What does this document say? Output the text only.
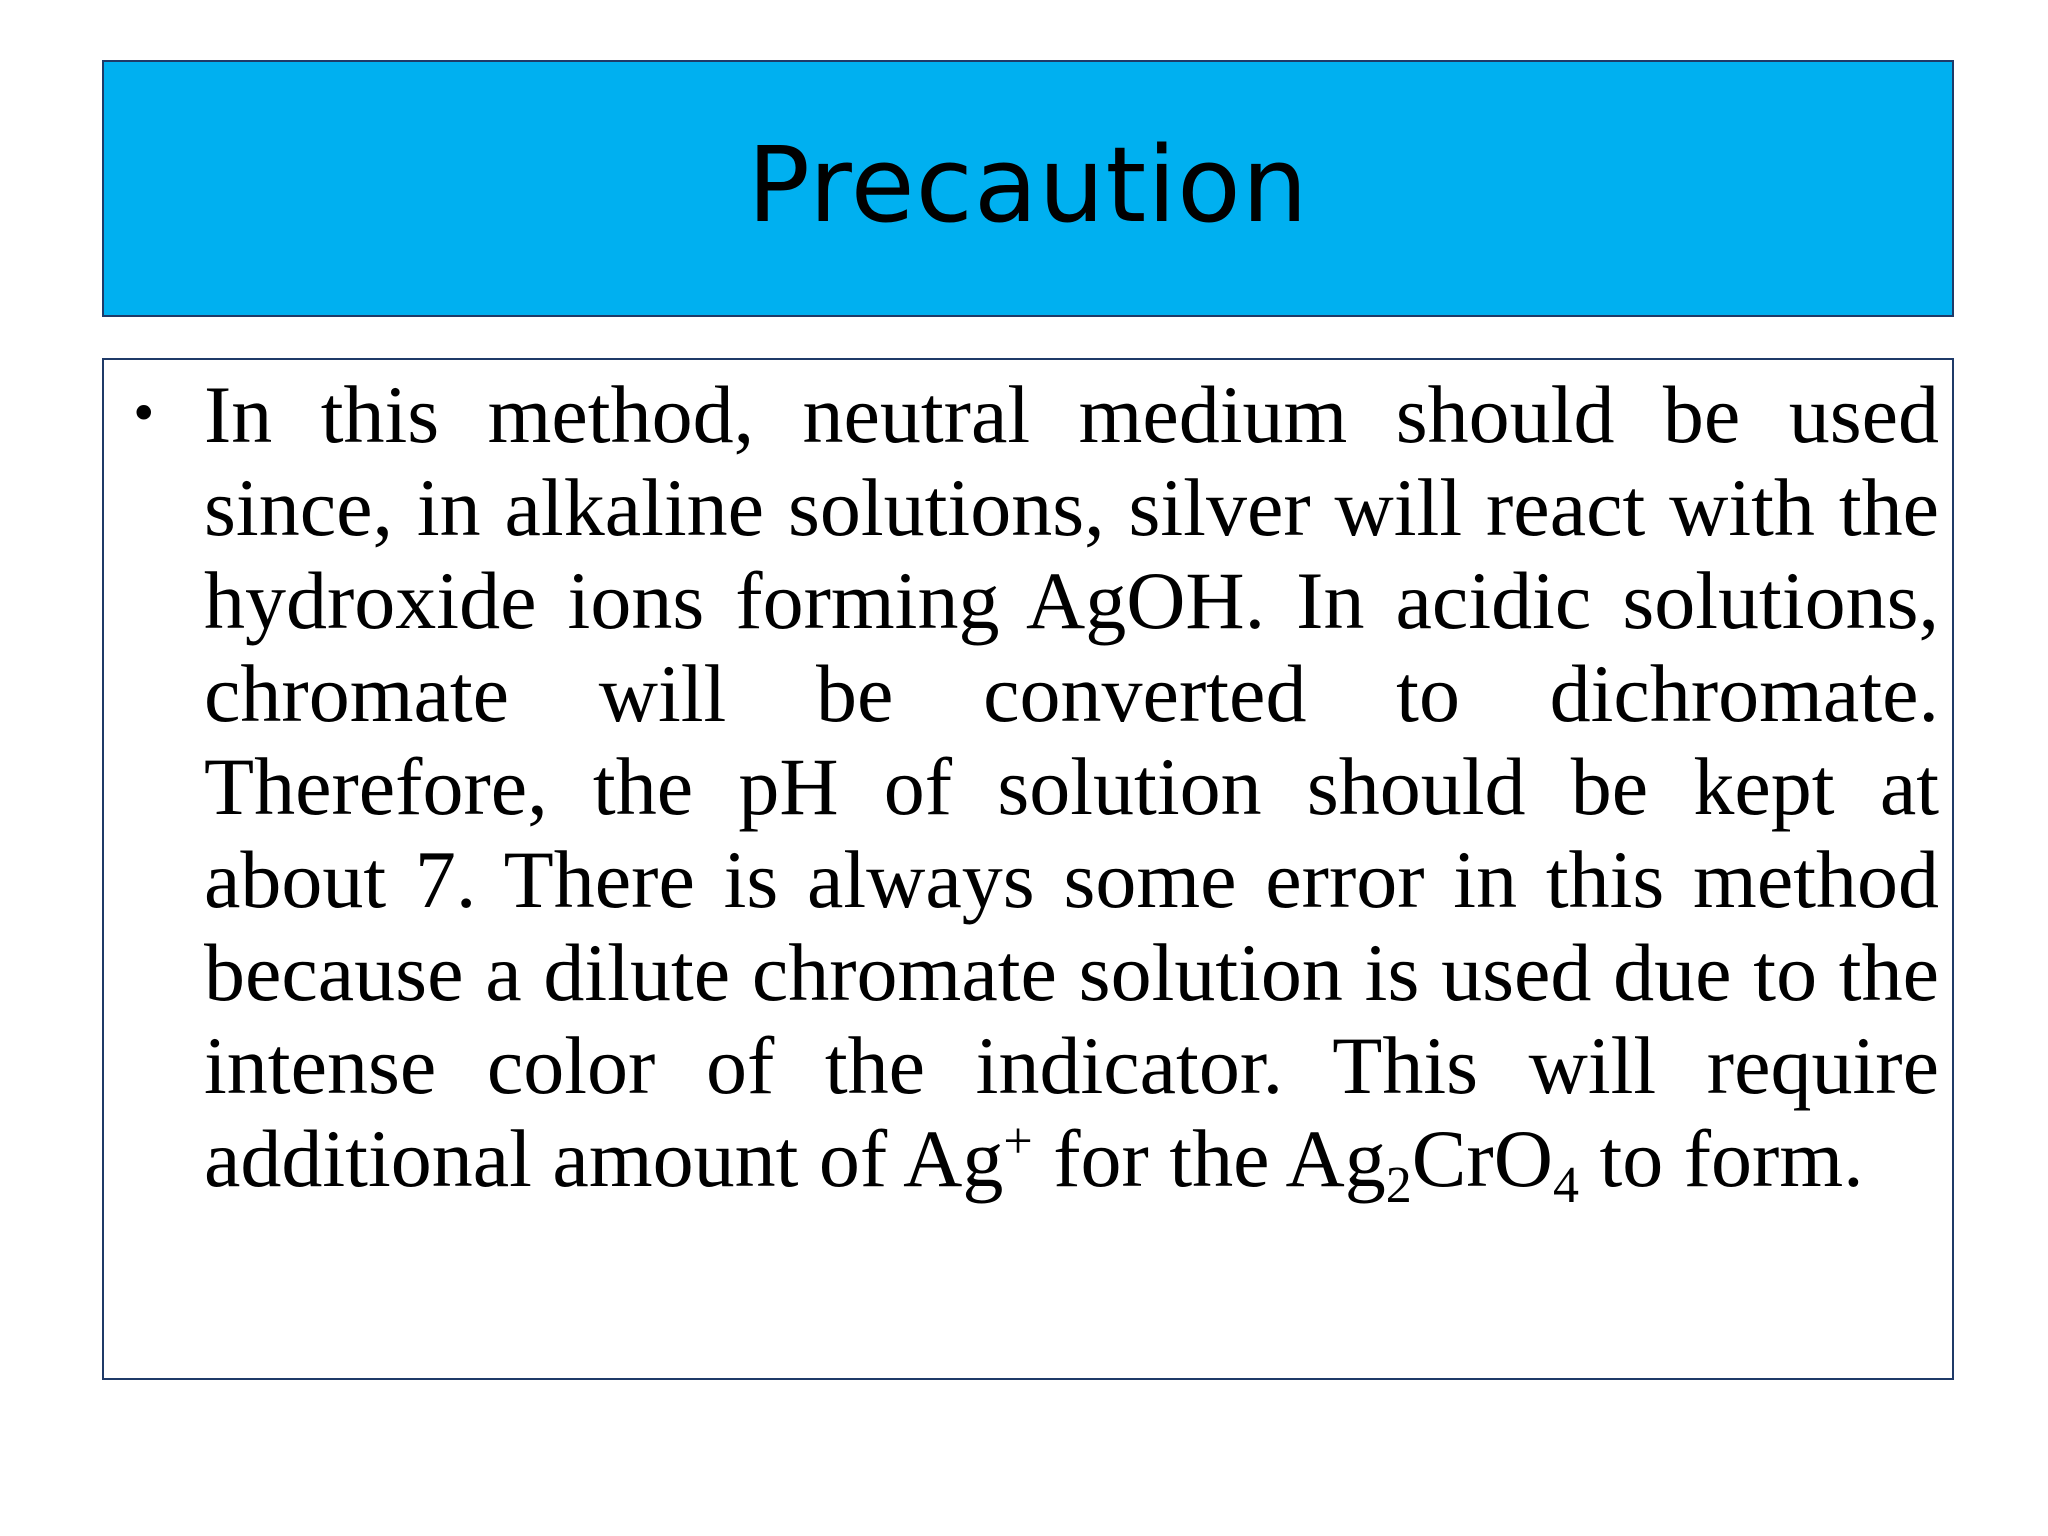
Precaution
• In this method, neutral medium should be used since, in alkaline solutions, silver will react with the hydroxide ions forming AgOH. In acidic solutions, chromate will be converted to dichromate. Therefore, the pH of solution should be kept at about 7. There is always some error in this method because a dilute chromate solution is used due to the intense color of the indicator. This will require additional amount of Ag+ for the $Ag_2CrO_4$ to form.
